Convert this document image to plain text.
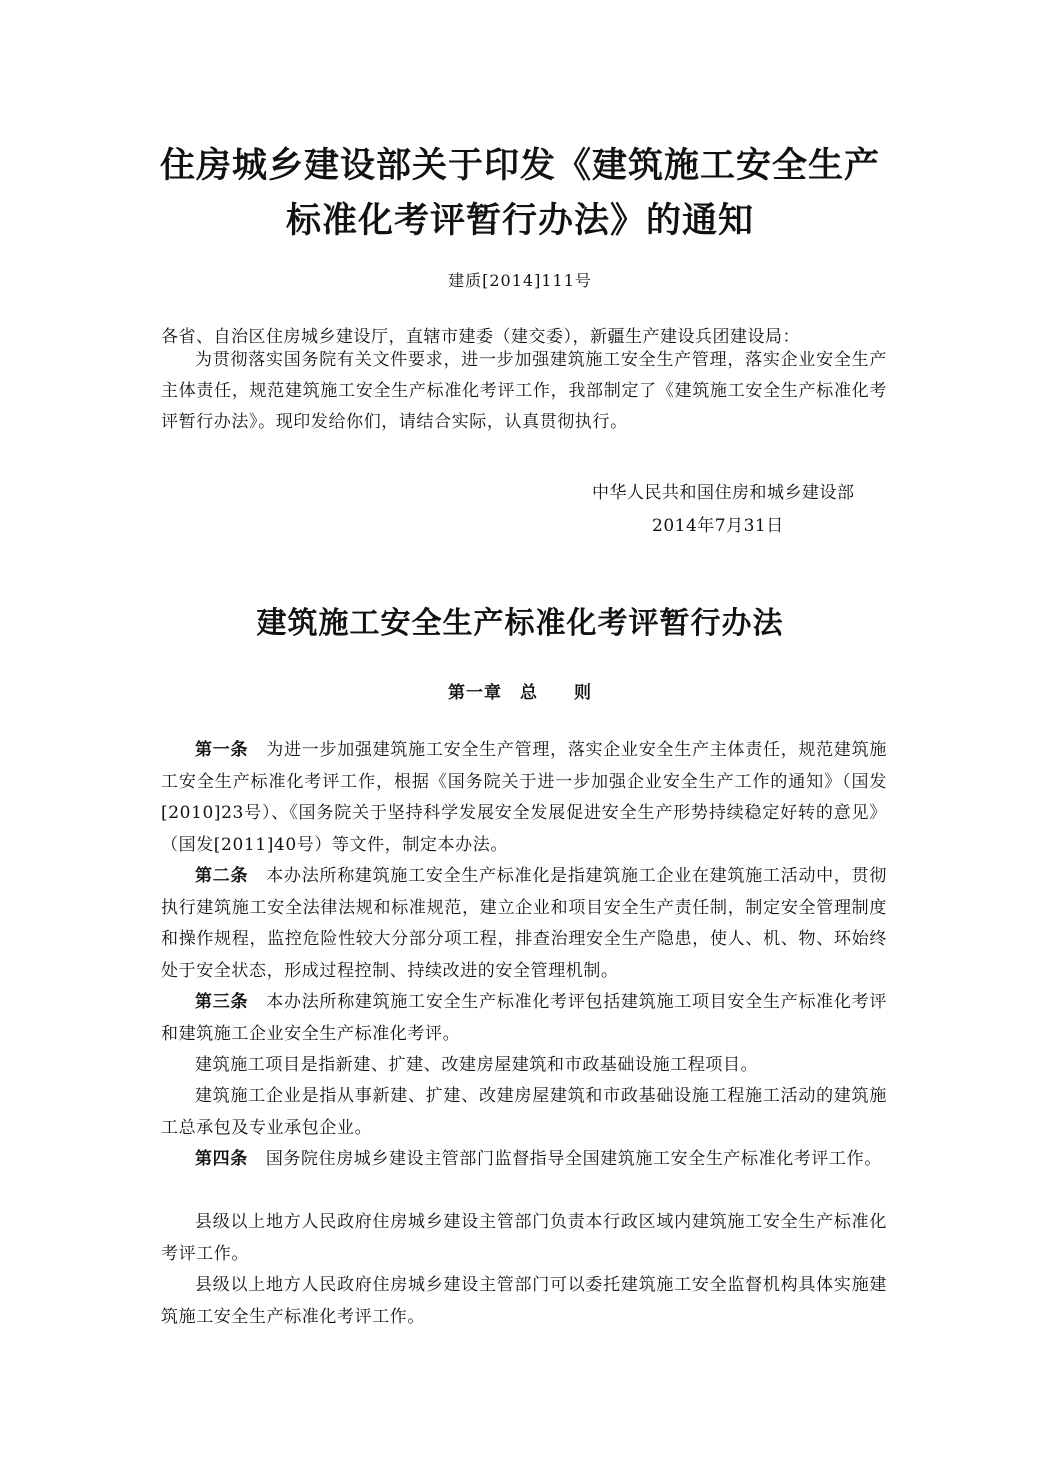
住房城乡建设部关于印发《建筑施工安全生产
标准化考评暂行办法》的通知
建质[2014]111号
各省、自治区住房城乡建设厅，直辖市建委（建交委），新疆生产建设兵团建设局：
为贯彻落实国务院有关文件要求，进一步加强建筑施工安全生产管理，落实企业安全生产主体责任，规范建筑施工安全生产标准化考评工作，我部制定了《建筑施工安全生产标准化考评暂行办法》。现印发给你们，请结合实际，认真贯彻执行。
中华人民共和国住房和城乡建设部
2014年7月31日
建筑施工安全生产标准化考评暂行办法
第一章　 总　　则
第一条 为进一步加强建筑施工安全生产管理，落实企业安全生产主体责任，规范建筑施工安全生产标准化考评工作，根据《国务院关于进一步加强企业安全生产工作的通知》（国发[2010]23号）、《国务院关于坚持科学发展安全发展促进安全生产形势持续稳定好转的意见》（国发[2011]40号）等文件，制定本办法。
第二条 本办法所称建筑施工安全生产标准化是指建筑施工企业在建筑施工活动中，贯彻执行建筑施工安全法律法规和标准规范，建立企业和项目安全生产责任制，制定安全管理制度和操作规程，监控危险性较大分部分项工程，排查治理安全生产隐患，使人、机、物、环始终处于安全状态，形成过程控制、持续改进的安全管理机制。
第三条 本办法所称建筑施工安全生产标准化考评包括建筑施工项目安全生产标准化考评和建筑施工企业安全生产标准化考评。
建筑施工项目是指新建、扩建、改建房屋建筑和市政基础设施工程项目。
建筑施工企业是指从事新建、扩建、改建房屋建筑和市政基础设施工程施工活动的建筑施工总承包及专业承包企业。
第四条 国务院住房城乡建设主管部门监督指导全国建筑施工安全生产标准化考评工作。
县级以上地方人民政府住房城乡建设主管部门负责本行政区域内建筑施工安全生产标准化考评工作。
县级以上地方人民政府住房城乡建设主管部门可以委托建筑施工安全监督机构具体实施建筑施工安全生产标准化考评工作。
